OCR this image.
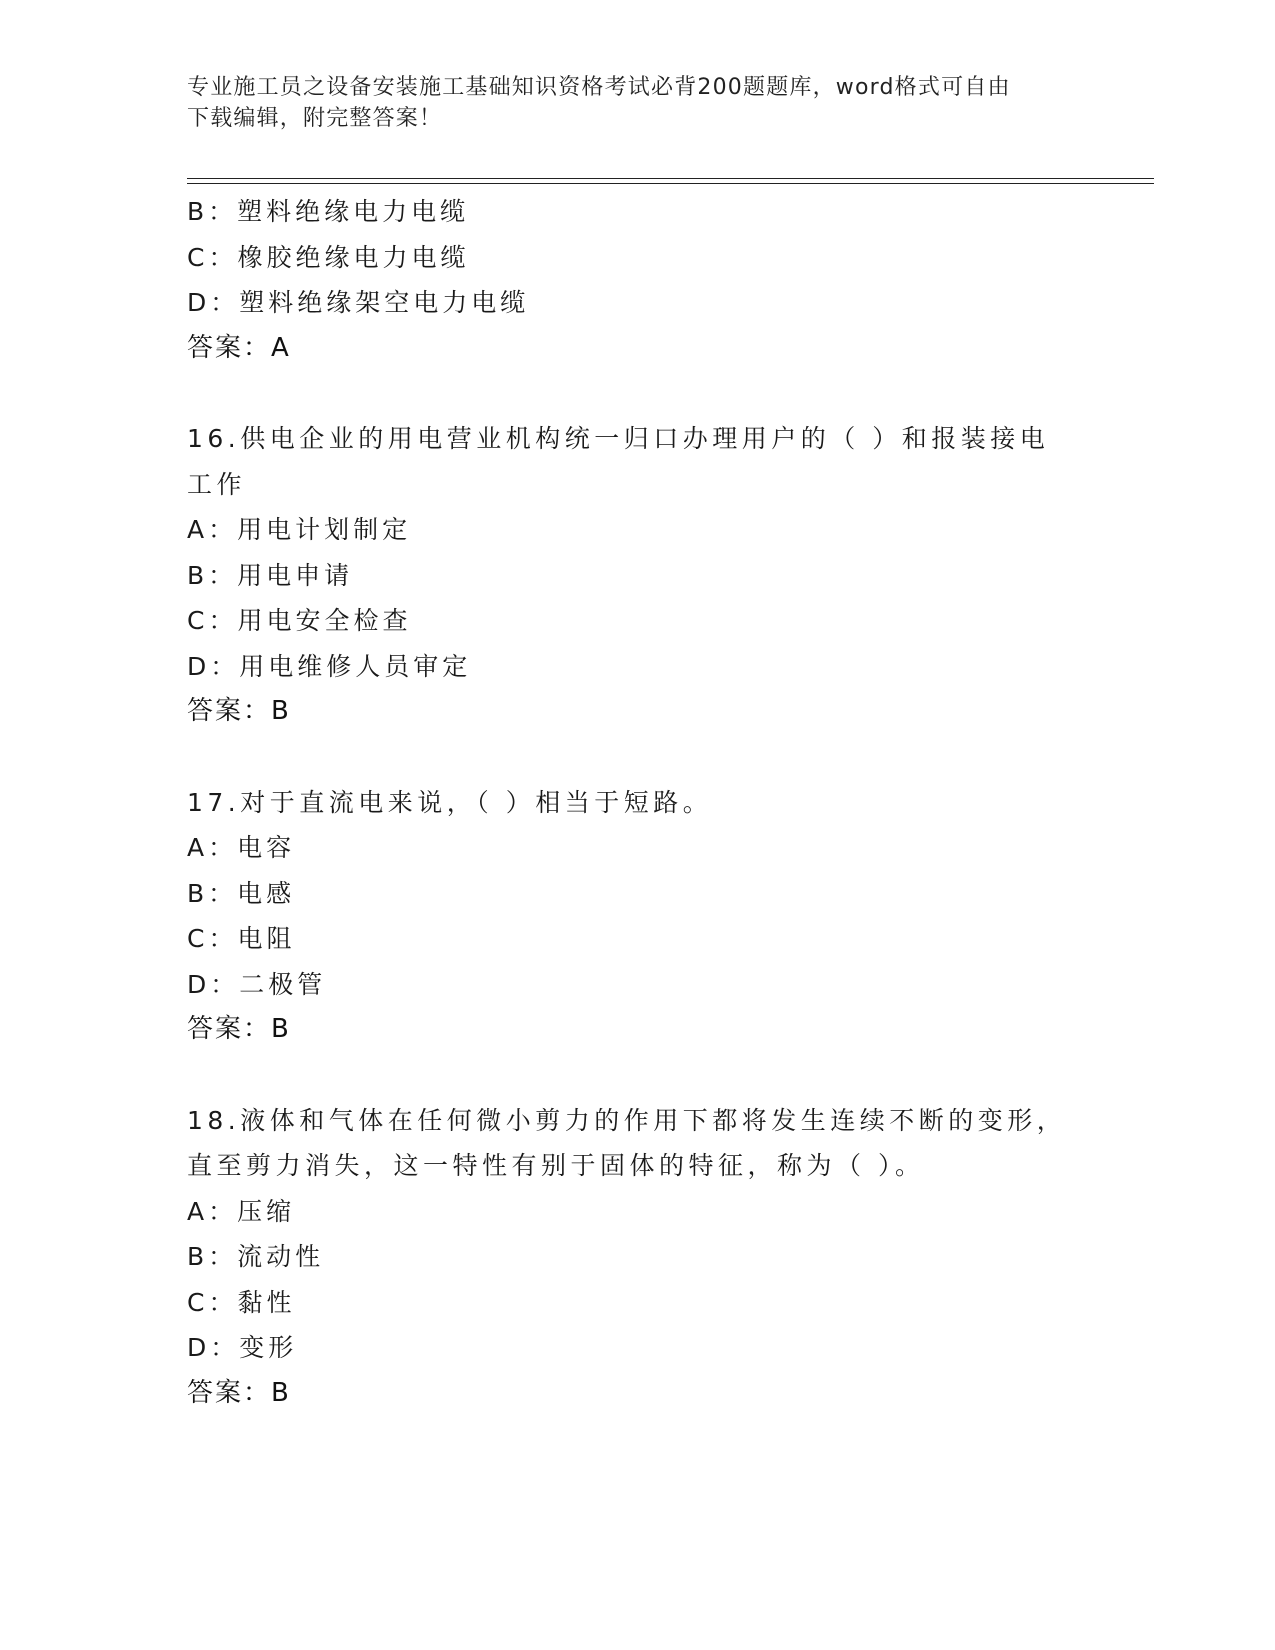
专业施工员之设备安装施工基础知识资格考试必背200题题库，word格式可自由
下载编辑，附完整答案！
B：塑料绝缘电力电缆
C：橡胶绝缘电力电缆
D：塑料绝缘架空电力电缆
答案：A
16.供电企业的用电营业机构统一归口办理用户的（ ）和报装接电工作
A：用电计划制定
B：用电申请
C：用电安全检查
D：用电维修人员审定
答案：B
17.对于直流电来说，（ ）相当于短路。
A：电容
B：电感
C：电阻
D：二极管
答案：B
18.液体和气体在任何微小剪力的作用下都将发生连续不断的变形，直至剪力消失，这一特性有别于固体的特征，称为（ ）。
A：压缩
B：流动性
C：黏性
D：变形
答案：B
